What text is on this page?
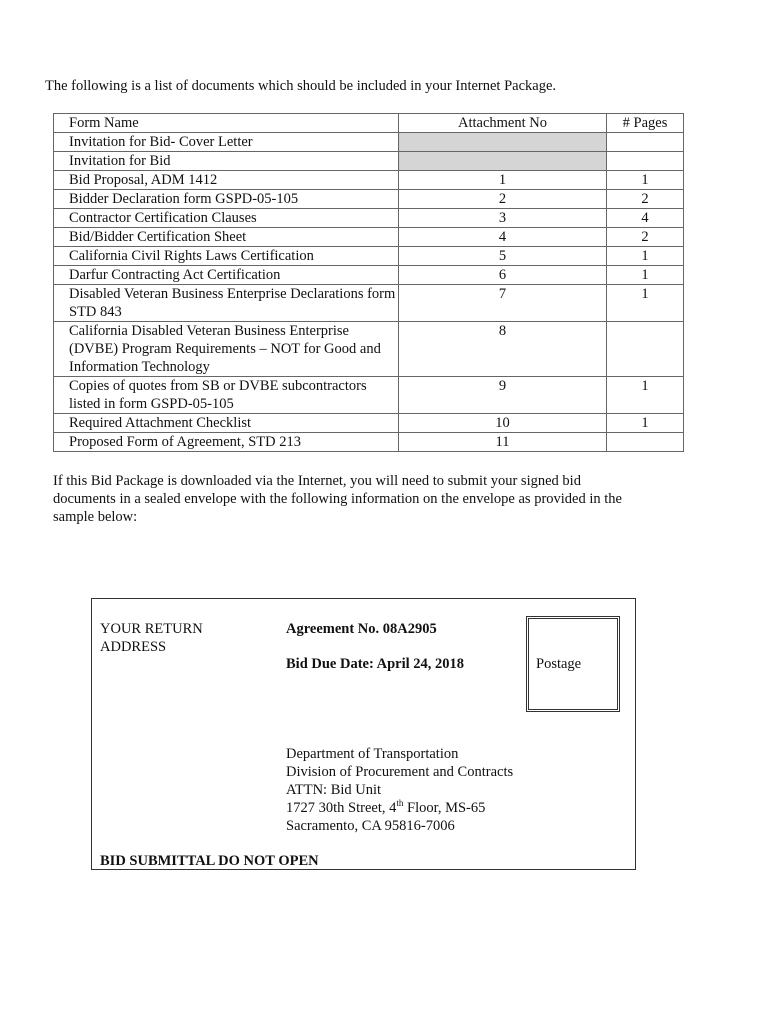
The following is a list of documents which should be included in your Internet Package.
Form Name	Attachment No	# Pages
Invitation for Bid- Cover Letter		
Invitation for Bid		
Bid Proposal, ADM 1412	1	1
Bidder Declaration form GSPD-05-105	2	2
Contractor Certification Clauses	3	4
Bid/Bidder Certification Sheet	4	2
California Civil Rights Laws Certification	5	1
Darfur Contracting Act Certification	6	1
Disabled Veteran Business Enterprise Declarations form STD 843	7	1
California Disabled Veteran Business Enterprise (DVBE) Program Requirements – NOT for Good and Information Technology	8	
Copies of quotes from SB or DVBE subcontractors listed in form GSPD-05-105	9	1
Required Attachment Checklist	10	1
Proposed Form of Agreement, STD 213	11	
If this Bid Package is downloaded via the Internet, you will need to submit your signed bid documents in a sealed envelope with the following information on the envelope as provided in the sample below:
YOUR RETURN ADDRESS
Agreement No. 08A2905
Bid Due Date: April 24, 2018	Postage
Department of Transportation
Division of Procurement and Contracts
ATTN: Bid Unit
1727 30th Street, 4th Floor, MS-65
Sacramento, CA 95816-7006
BID SUBMITTAL DO NOT OPEN
